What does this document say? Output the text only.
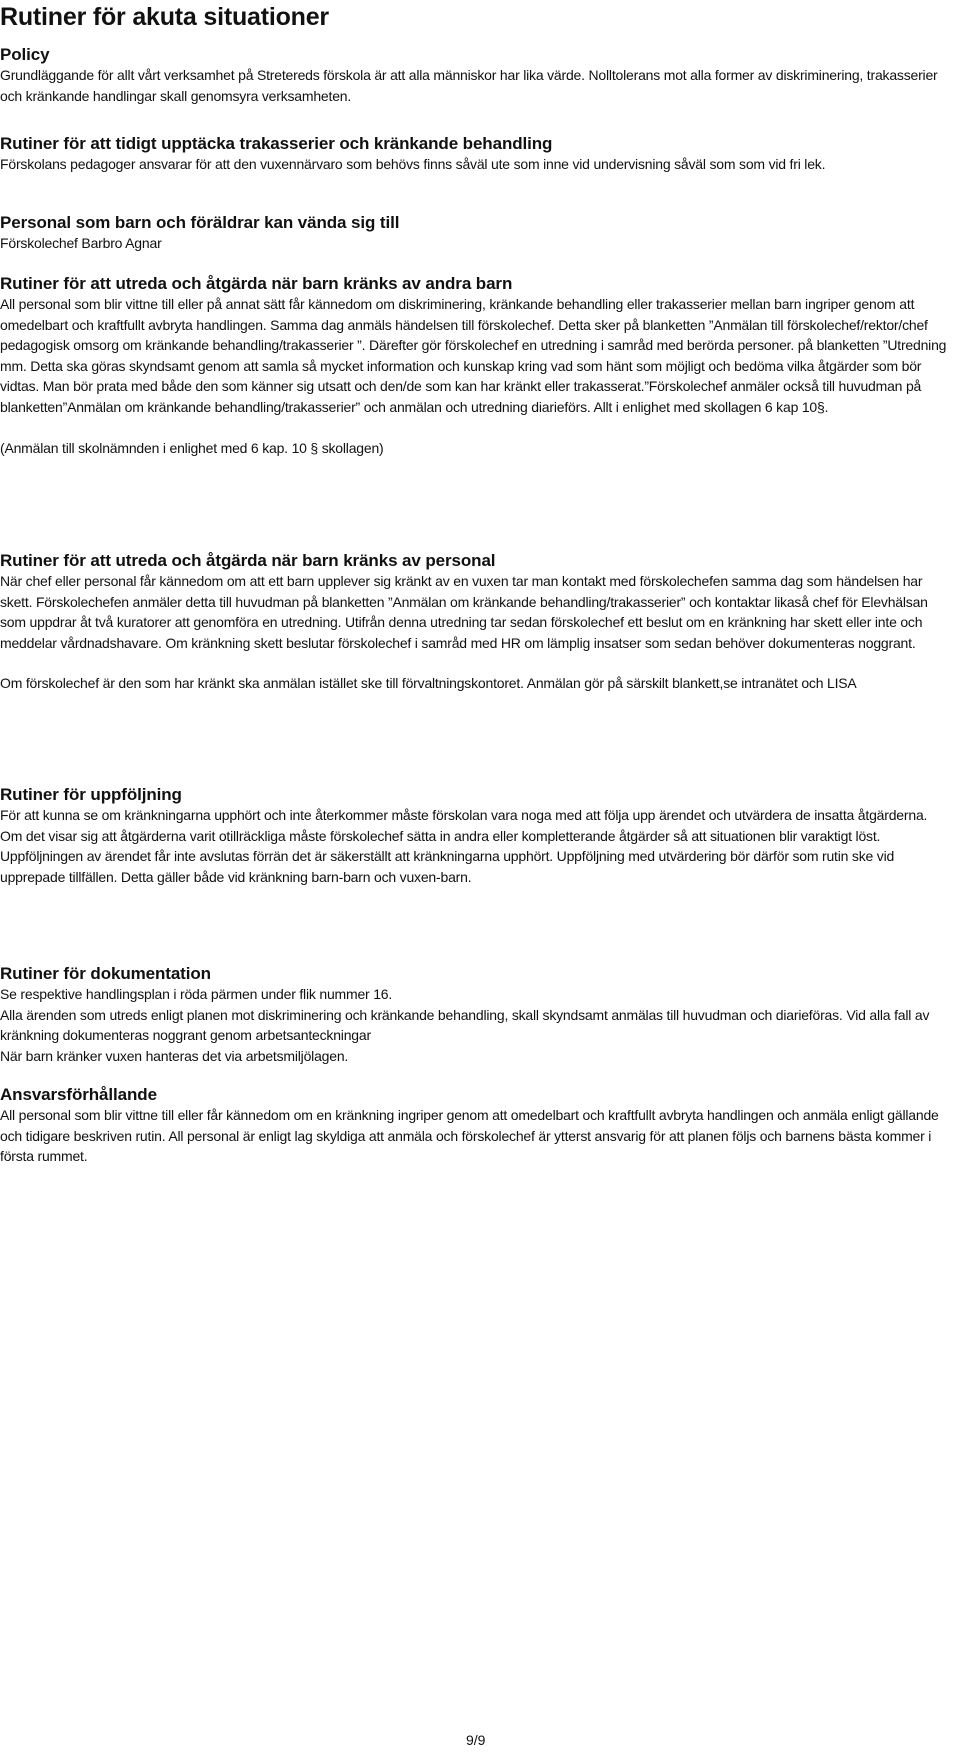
Rutiner för akuta situationer
Policy

Grundläggande för allt vårt verksamhet på Stretereds förskola är att alla människor har lika värde. Nolltolerans mot alla former av diskriminering, trakasserier och kränkande handlingar skall genomsyra verksamheten.

Rutiner för att tidigt upptäcka trakasserier och kränkande behandling

Förskolans pedagoger ansvarar för att den vuxennärvaro som behövs finns såväl ute som inne vid undervisning såväl som som vid fri lek.

Personal som barn och föräldrar kan vända sig till

Förskolechef Barbro Agnar

Rutiner för att utreda och åtgärda när barn kränks av andra barn

All personal som blir vittne till eller på annat sätt får kännedom om diskriminering, kränkande behandling eller trakasserier mellan barn ingriper genom att omedelbart och kraftfullt avbryta handlingen. Samma dag anmäls händelsen till förskolechef. Detta sker på blanketten ”Anmälan till förskolechef/rektor/chef pedagogisk omsorg om kränkande behandling/trakasserier ”. Därefter gör förskolechef en utredning i samråd med berörda personer. på blanketten ”Utredning mm. Detta ska göras skyndsamt genom att samla så mycket information och kunskap kring vad som hänt som möjligt och bedöma vilka åtgärder som bör vidtas. Man bör prata med både den som känner sig utsatt och den/de som kan har kränkt eller trakasserat.”Förskolechef anmäler också till huvudman på blanketten”Anmälan om kränkande behandling/trakasserier” och anmälan och utredning diarieförs. Allt i enlighet med skollagen 6 kap 10§.

(Anmälan till skolnämnden i enlighet med 6 kap. 10 § skollagen)

Rutiner för att utreda och åtgärda när barn kränks av personal

När chef eller personal får kännedom om att ett barn upplever sig kränkt av en vuxen tar man kontakt med förskolechefen samma dag som händelsen har skett. Förskolechefen anmäler detta till huvudman på blanketten ”Anmälan om kränkande behandling/trakasserier” och kontaktar likaså chef för Elevhälsan som uppdrar åt två kuratorer att genomföra en utredning. Utifrån denna utredning tar sedan förskolechef ett beslut om en kränkning har skett eller inte och meddelar vårdnadshavare. Om kränkning skett beslutar förskolechef i samråd med HR om lämplig insatser som sedan behöver dokumenteras noggrant.

Om förskolechef är den som har kränkt ska anmälan istället ske till förvaltningskontoret. Anmälan gör på särskilt blankett,se intranätet och LISA

Rutiner för uppföljning

För att kunna se om kränkningarna upphört och inte återkommer måste förskolan vara noga med att följa upp ärendet och utvärdera de insatta åtgärderna. Om det visar sig att åtgärderna varit otillräckliga måste förskolechef sätta in andra eller kompletterande åtgärder så att situationen blir varaktigt löst. Uppföljningen av ärendet får inte avslutas förrän det är säkerställt att kränkningarna upphört. Uppföljning med utvärdering bör därför som rutin ske vid upprepade tillfällen. Detta gäller både vid kränkning barn-barn och vuxen-barn.

Rutiner för dokumentation

Se respektive handlingsplan i röda pärmen under flik nummer 16.

Alla ärenden som utreds enligt planen mot diskriminering och kränkande behandling, skall skyndsamt anmälas till huvudman och diarieföras. Vid alla fall av kränkning dokumenteras noggrant genom arbetsanteckningar

När barn kränker vuxen hanteras det via arbetsmiljölagen.

Ansvarsförhållande

All personal som blir vittne till eller får kännedom om en kränkning ingriper genom att omedelbart och kraftfullt avbryta handlingen och anmäla enligt gällande och tidigare beskriven rutin. All personal är enligt lag skyldiga att anmäla och förskolechef är ytterst ansvarig för att planen följs och barnens bästa kommer i första rummet.

9/9
